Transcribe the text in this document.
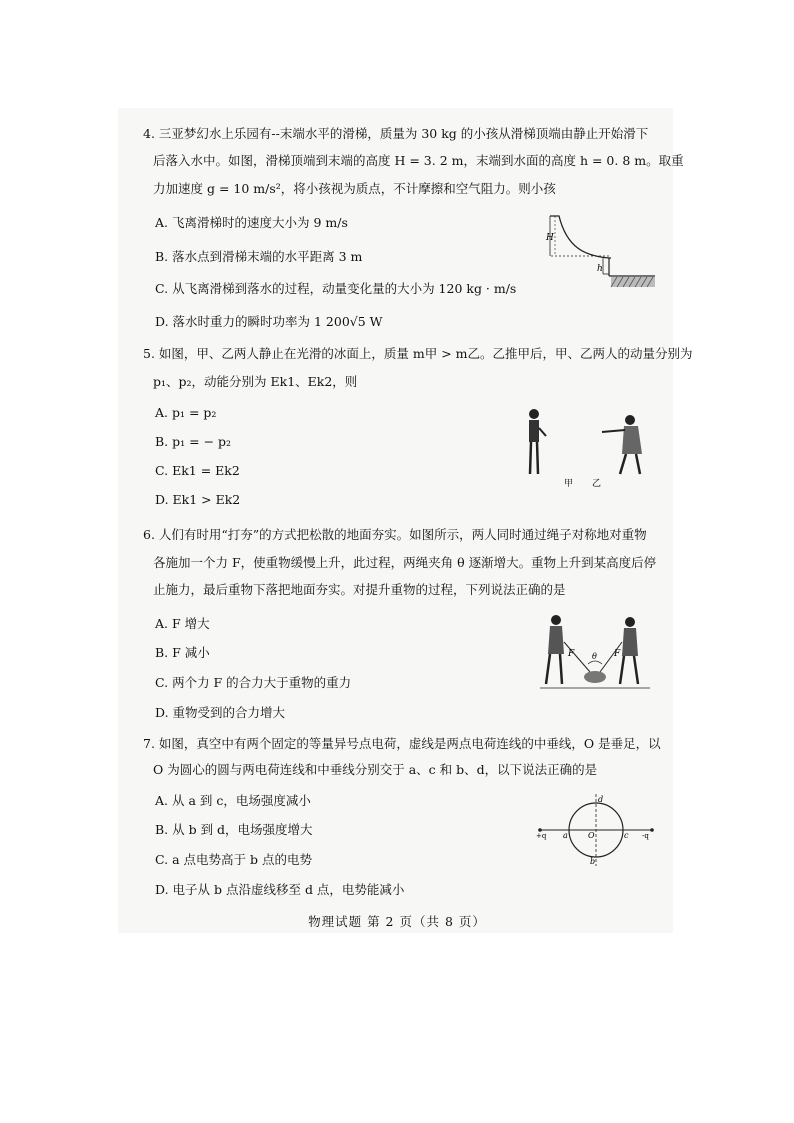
4. 三亚梦幻水上乐园有--末端水平的滑梯，质量为 30 kg 的小孩从滑梯顶端由静止开始滑下
后落入水中。如图，滑梯顶端到末端的高度 H = 3. 2 m，末端到水面的高度 h = 0. 8 m。取重
力加速度 g = 10 m/s²，将小孩视为质点，不计摩擦和空气阻力。则小孩
A. 飞离滑梯时的速度大小为 9 m/s
B. 落水点到滑梯末端的水平距离 3 m
C. 从飞离滑梯到落水的过程，动量变化量的大小为 120 kg · m/s
D. 落水时重力的瞬时功率为 1 200√5 W
H
h
5. 如图，甲、乙两人静止在光滑的冰面上，质量 m甲 > m乙。乙推甲后，甲、乙两人的动量分别为
p₁、p₂，动能分别为 Ek1、Ek2，则
A. p₁ = p₂
B. p₁ = − p₂
C. Ek1 = Ek2
D. Ek1 > Ek2
甲 乙
6. 人们有时用“打夯”的方式把松散的地面夯实。如图所示，两人同时通过绳子对称地对重物
各施加一个力 F，使重物缓慢上升，此过程，两绳夹角 θ 逐渐增大。重物上升到某高度后停
止施力，最后重物下落把地面夯实。对提升重物的过程，下列说法正确的是
A. F 增大
B. F 减小
C. 两个力 F 的合力大于重物的重力
D. 重物受到的合力增大
F	F
θ
7. 如图，真空中有两个固定的等量异号点电荷，虚线是两点电荷连线的中垂线，O 是垂足，以
O 为圆心的圆与两电荷连线和中垂线分别交于 a、c 和 b、d，以下说法正确的是
A. 从 a 到 c，电场强度减小
B. 从 b 到 d，电场强度增大
C. a 点电势高于 b 点的电势
D. 电子从 b 点沿虚线移至 d 点，电势能减小
+q	-q
a	c
d
b
O
物理试题 第 2 页（共 8 页）
